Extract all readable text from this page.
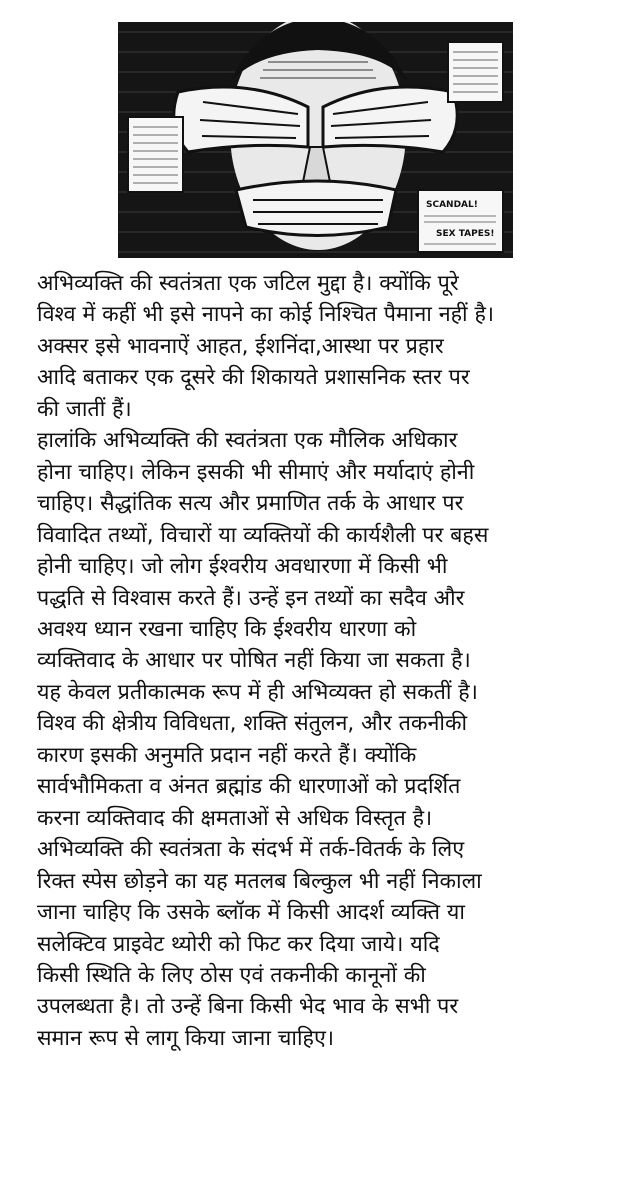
SCANDAL!
SEX TAPES!
अभिव्यक्ति की स्वतंत्रता एक जटिल मुद्दा है। क्योंकि पूरे
विश्व में कहीं भी इसे नापने का कोई निश्चित पैमाना नहीं है।
अक्सर इसे भावनाऐं आहत, ईशनिंदा,आस्था पर प्रहार
आदि बताकर एक दूसरे की शिकायते प्रशासनिक स्तर पर
की जातीं हैं।
हालांकि अभिव्यक्ति की स्वतंत्रता एक मौलिक अधिकार
होना चाहिए। लेकिन इसकी भी सीमाएं और मर्यादाएं होनी
चाहिए। सैद्धांतिक सत्य और प्रमाणित तर्क के आधार पर
विवादित तथ्यों, विचारों या व्यक्तियों की कार्यशैली पर बहस
होनी चाहिए। जो लोग ईश्वरीय अवधारणा में किसी भी
पद्धति से विश्वास करते हैं। उन्हें इन तथ्यों का सदैव और
अवश्य ध्यान रखना चाहिए कि ईश्वरीय धारणा को
व्यक्तिवाद के आधार पर पोषित नहीं किया जा सकता है।
यह केवल प्रतीकात्मक रूप में ही अभिव्यक्त हो सकतीं है।
विश्व की क्षेत्रीय विविधता, शक्ति संतुलन, और तकनीकी
कारण इसकी अनुमति प्रदान नहीं करते हैं। क्योंकि
सार्वभौमिकता व अंनत ब्रह्मांड की धारणाओं को प्रदर्शित
करना व्यक्तिवाद की क्षमताओं से अधिक विस्तृत है।
अभिव्यक्ति की स्वतंत्रता के संदर्भ में तर्क-वितर्क के लिए
रिक्त स्पेस छोड़ने का यह मतलब बिल्कुल भी नहीं निकाला
जाना चाहिए कि उसके ब्लॉक में किसी आदर्श व्यक्ति या
सलेक्टिव प्राइवेट थ्योरी को फिट कर दिया जाये। यदि
किसी स्थिति के लिए ठोस एवं तकनीकी कानूनों की
उपलब्धता है। तो उन्हें बिना किसी भेद भाव के सभी पर
समान रूप से लागू किया जाना चाहिए।
